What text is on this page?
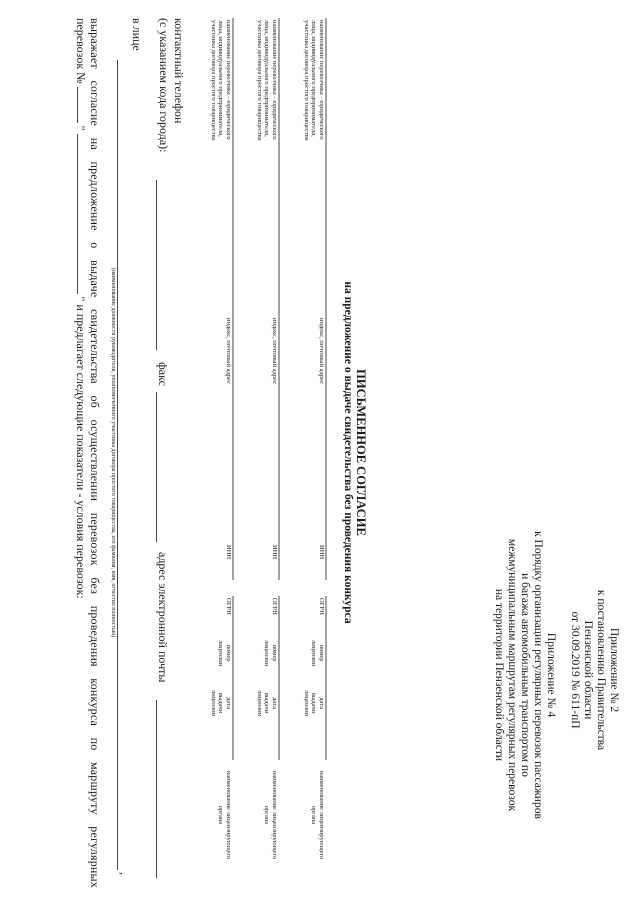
Приложение № 2
к постановлению Правительства
Пензенской области
от 30.09.2019 № 611-пП
Приложение № 4
к Порядку организации регулярных перевозок пассажиров
и багажа автомобильным транспортом по
межмуниципальным маршрутам регулярных перевозок
на территории Пензенской области
ПИСЬМЕННОЕ СОГЛАСИЕ
на предложение о выдаче свидетельства без проведения конкурса
наименование перевозчика - юридического
лица, индивидуального предпринимателя,
участника договора простого товарищества
индекс, почтовый адрес
ИНН
ОГРН
номер
лицензии
дата
выдачи
лицензии
наименование лицензирующего
органа
наименование перевозчика - юридического
лица, индивидуального предпринимателя,
участника договора простого товарищества
индекс, почтовый адрес
ИНН
ОГРН
номер
лицензии
дата
выдачи
лицензии
наименование лицензирующего
органа
наименование перевозчика - юридического
лица, индивидуального предпринимателя,
участника договора простого товарищества
индекс, почтовый адрес
ИНН
ОГРН
номер
лицензии
дата
выдачи
лицензии
наименование лицензирующего
органа
контактный телефон
(с указанием кода города):
факс
адрес электронной почты
в лице
,
(наименование должности руководителя, уполномоченного участника договора простого товарищества, его фамилия, имя, отчество полностью)
выражает согласие на предложение о выдаче свидетельства об осуществлении перевозок без проведения конкурса по маршруту регулярных
перевозок №  "  " и предлагает следующие показатели - условия перевозок:
